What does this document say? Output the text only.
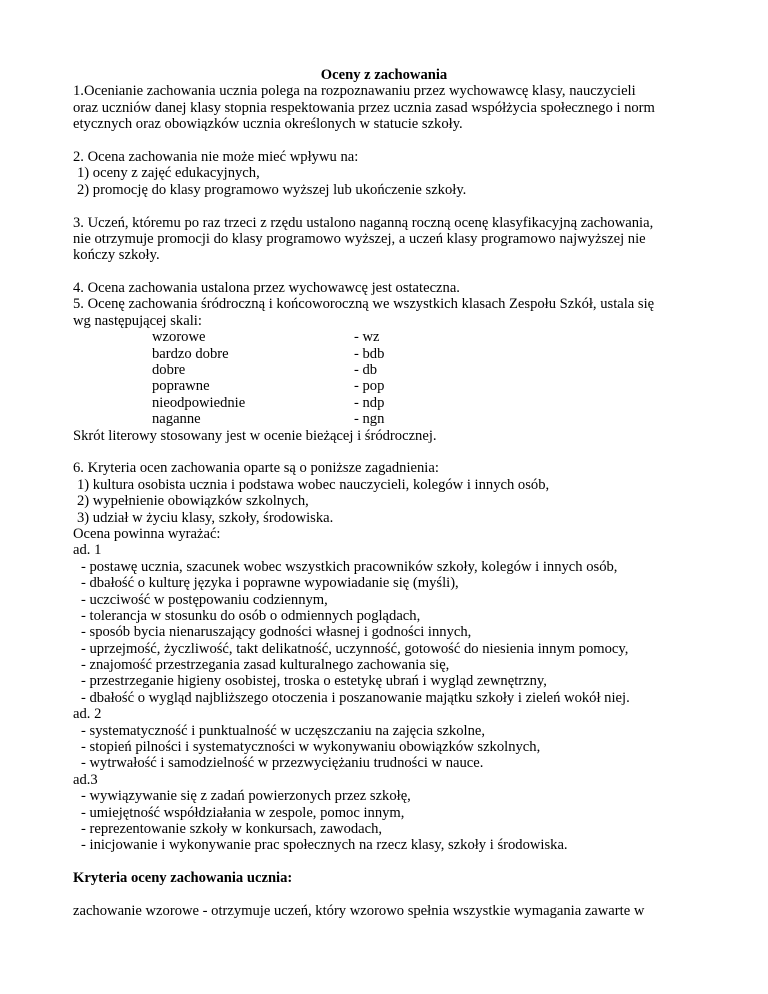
Oceny z zachowania
1.Ocenianie zachowania ucznia polega na rozpoznawaniu przez wychowawcę klasy, nauczycieli
oraz uczniów danej klasy stopnia respektowania przez ucznia zasad współżycia społecznego i norm
etycznych oraz obowiązków ucznia określonych w statucie szkoły.
2. Ocena zachowania nie może mieć wpływu na:
1) oceny z zajęć edukacyjnych,
2) promocję do klasy programowo wyższej lub ukończenie szkoły.
3. Uczeń, któremu po raz trzeci z rzędu ustalono naganną roczną ocenę klasyfikacyjną zachowania,
nie otrzymuje promocji do klasy programowo wyższej, a uczeń klasy programowo najwyższej nie
kończy szkoły.
4. Ocena zachowania ustalona przez wychowawcę jest ostateczna.
5. Ocenę zachowania śródroczną i końcoworoczną we wszystkich klasach Zespołu Szkół, ustala się
wg następującej skali:
wzorowe	- wz
bardzo dobre	- bdb
dobre	- db
poprawne	- pop
nieodpowiednie	- ndp
naganne	- ngn
Skrót literowy stosowany jest w ocenie bieżącej i śródrocznej.
6. Kryteria ocen zachowania oparte są o poniższe zagadnienia:
1) kultura osobista ucznia i podstawa wobec nauczycieli, kolegów i innych osób,
2) wypełnienie obowiązków szkolnych,
3) udział w życiu klasy, szkoły, środowiska.
Ocena powinna wyrażać:
ad. 1
- postawę ucznia, szacunek wobec wszystkich pracowników szkoły, kolegów i innych osób,
- dbałość o kulturę języka i poprawne wypowiadanie się (myśli),
- uczciwość w postępowaniu codziennym,
- tolerancja w stosunku do osób o odmiennych poglądach,
- sposób bycia nienaruszający godności własnej i godności innych,
- uprzejmość, życzliwość, takt delikatność, uczynność, gotowość do niesienia innym pomocy,
- znajomość przestrzegania zasad kulturalnego zachowania się,
- przestrzeganie higieny osobistej, troska o estetykę ubrań i wygląd zewnętrzny,
- dbałość o wygląd najbliższego otoczenia i poszanowanie majątku szkoły i zieleń wokół niej.
ad. 2
- systematyczność i punktualność w uczęszczaniu na zajęcia szkolne,
- stopień pilności i systematyczności w wykonywaniu obowiązków szkolnych,
- wytrwałość i samodzielność w przezwyciężaniu trudności w nauce.
ad.3
- wywiązywanie się z zadań powierzonych przez szkołę,
- umiejętność współdziałania w zespole, pomoc innym,
- reprezentowanie szkoły w konkursach, zawodach,
- inicjowanie i wykonywanie prac społecznych na rzecz klasy, szkoły i środowiska.
Kryteria oceny zachowania ucznia:
zachowanie wzorowe - otrzymuje uczeń, który wzorowo spełnia wszystkie wymagania zawarte w
